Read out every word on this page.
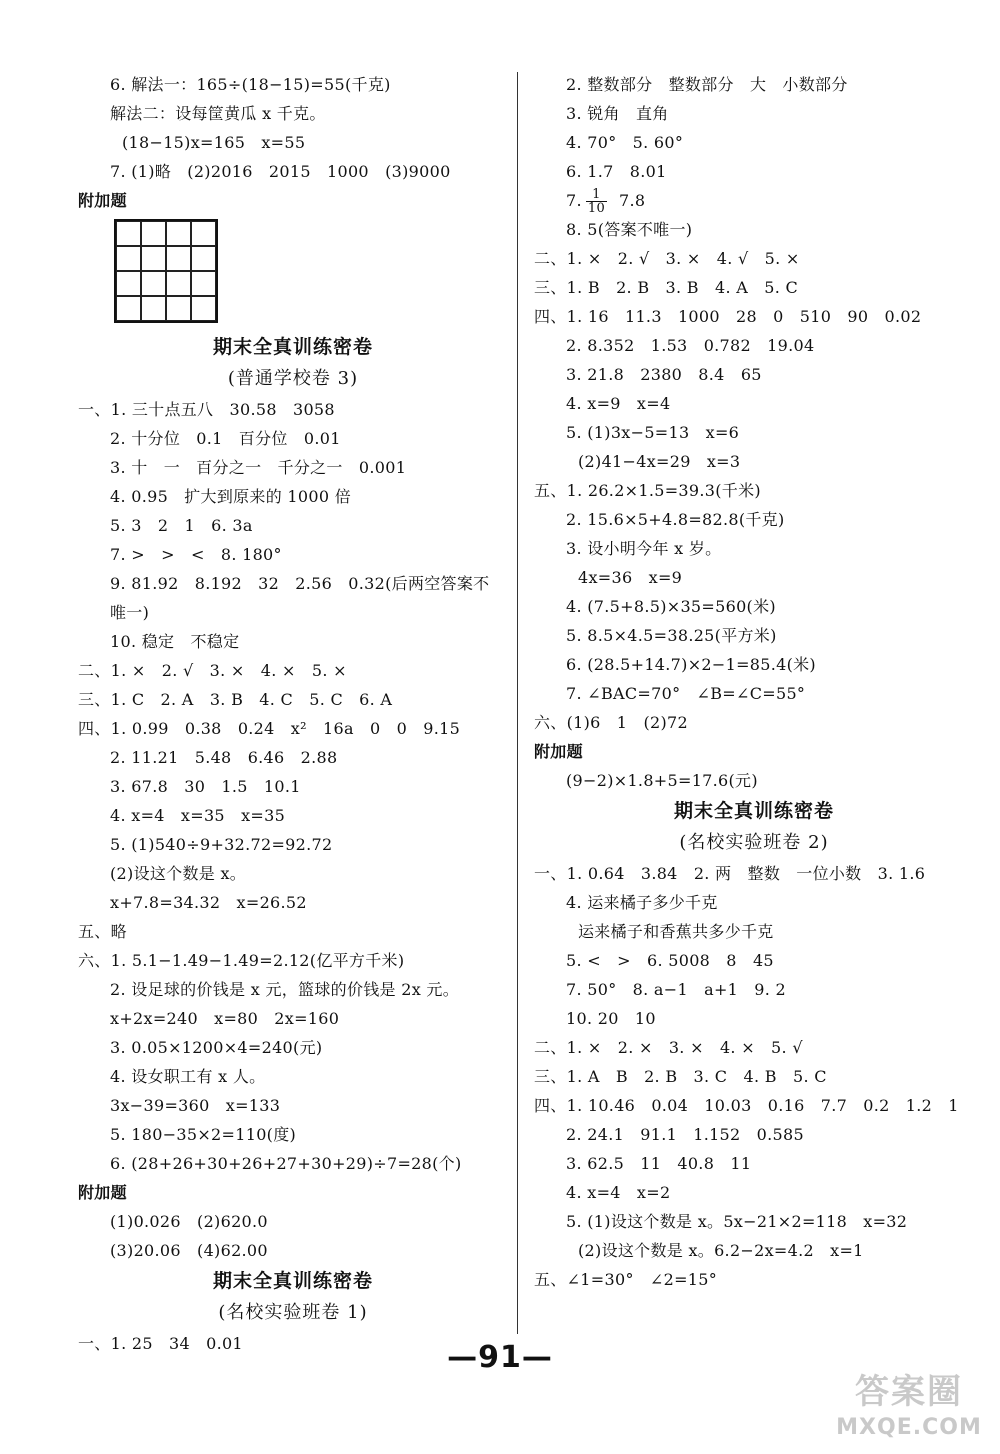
6. 解法一：165÷(18−15)=55(千克)
解法二：设每筐黄瓜 x 千克。
(18−15)x=165   x=55
7. (1)略   (2)2016   2015   1000   (3)9000
附加题
期末全真训练密卷
(普通学校卷 3)
一、1. 三十点五八   30.58   3058
2. 十分位   0.1   百分位   0.01
3. 十   一   百分之一   千分之一   0.001
4. 0.95   扩大到原来的 1000 倍
5. 3   2   1   6. 3a
7. >   >   <   8. 180°
9. 81.92   8.192   32   2.56   0.32(后两空答案不
唯一)
10. 稳定   不稳定
二、1. ×   2. √   3. ×   4. ×   5. ×
三、1. C   2. A   3. B   4. C   5. C   6. A
四、1. 0.99   0.38   0.24   x²   16a   0   0   9.15
2. 11.21   5.48   6.46   2.88
3. 67.8   30   1.5   10.1
4. x=4   x=35   x=35
5. (1)540÷9+32.72=92.72
(2)设这个数是 x。
x+7.8=34.32   x=26.52
五、略
六、1. 5.1−1.49−1.49=2.12(亿平方千米)
2. 设足球的价钱是 x 元，篮球的价钱是 2x 元。
x+2x=240   x=80   2x=160
3. 0.05×1200×4=240(元)
4. 设女职工有 x 人。
3x−39=360   x=133
5. 180−35×2=110(度)
6. (28+26+30+26+27+30+29)÷7=28(个)
附加题
(1)0.026   (2)620.0
(3)20.06   (4)62.00
期末全真训练密卷
(名校实验班卷 1)
一、1. 25   34   0.01
2. 整数部分   整数部分   大   小数部分
3. 锐角   直角
4. 70°   5. 60°
6. 1.7   8.01
7. $\frac{1}{10} 7.8$
8. 5(答案不唯一)
二、1. ×   2. √   3. ×   4. √   5. ×
三、1. B   2. B   3. B   4. A   5. C
四、1. 16   11.3   1000   28   0   510   90   0.02
2. 8.352   1.53   0.782   19.04
3. 21.8   2380   8.4   65
4. x=9   x=4
5. (1)3x−5=13   x=6
(2)41−4x=29   x=3
五、1. 26.2×1.5=39.3(千米)
2. 15.6×5+4.8=82.8(千克)
3. 设小明今年 x 岁。
4x=36   x=9
4. (7.5+8.5)×35=560(米)
5. 8.5×4.5=38.25(平方米)
6. (28.5+14.7)×2−1=85.4(米)
7. ∠BAC=70°   ∠B=∠C=55°
六、(1)6   1   (2)72
附加题
(9−2)×1.8+5=17.6(元)
期末全真训练密卷
(名校实验班卷 2)
一、1. 0.64   3.84   2. 两   整数   一位小数   3. 1.6
4. 运来橘子多少千克
运来橘子和香蕉共多少千克
5. <   >   6. 5008   8   45
7. 50°   8. a−1   a+1   9. 2
10. 20   10
二、1. ×   2. ×   3. ×   4. ×   5. √
三、1. A   B   2. B   3. C   4. B   5. C
四、1. 10.46   0.04   10.03   0.16   7.7   0.2   1.2   1
2. 24.1   91.1   1.152   0.585
3. 62.5   11   40.8   11
4. x=4   x=2
5. (1)设这个数是 x。5x−21×2=118   x=32
(2)设这个数是 x。6.2−2x=4.2   x=1
五、∠1=30°   ∠2=15°
—91—
答案圈
MXQE.COM
